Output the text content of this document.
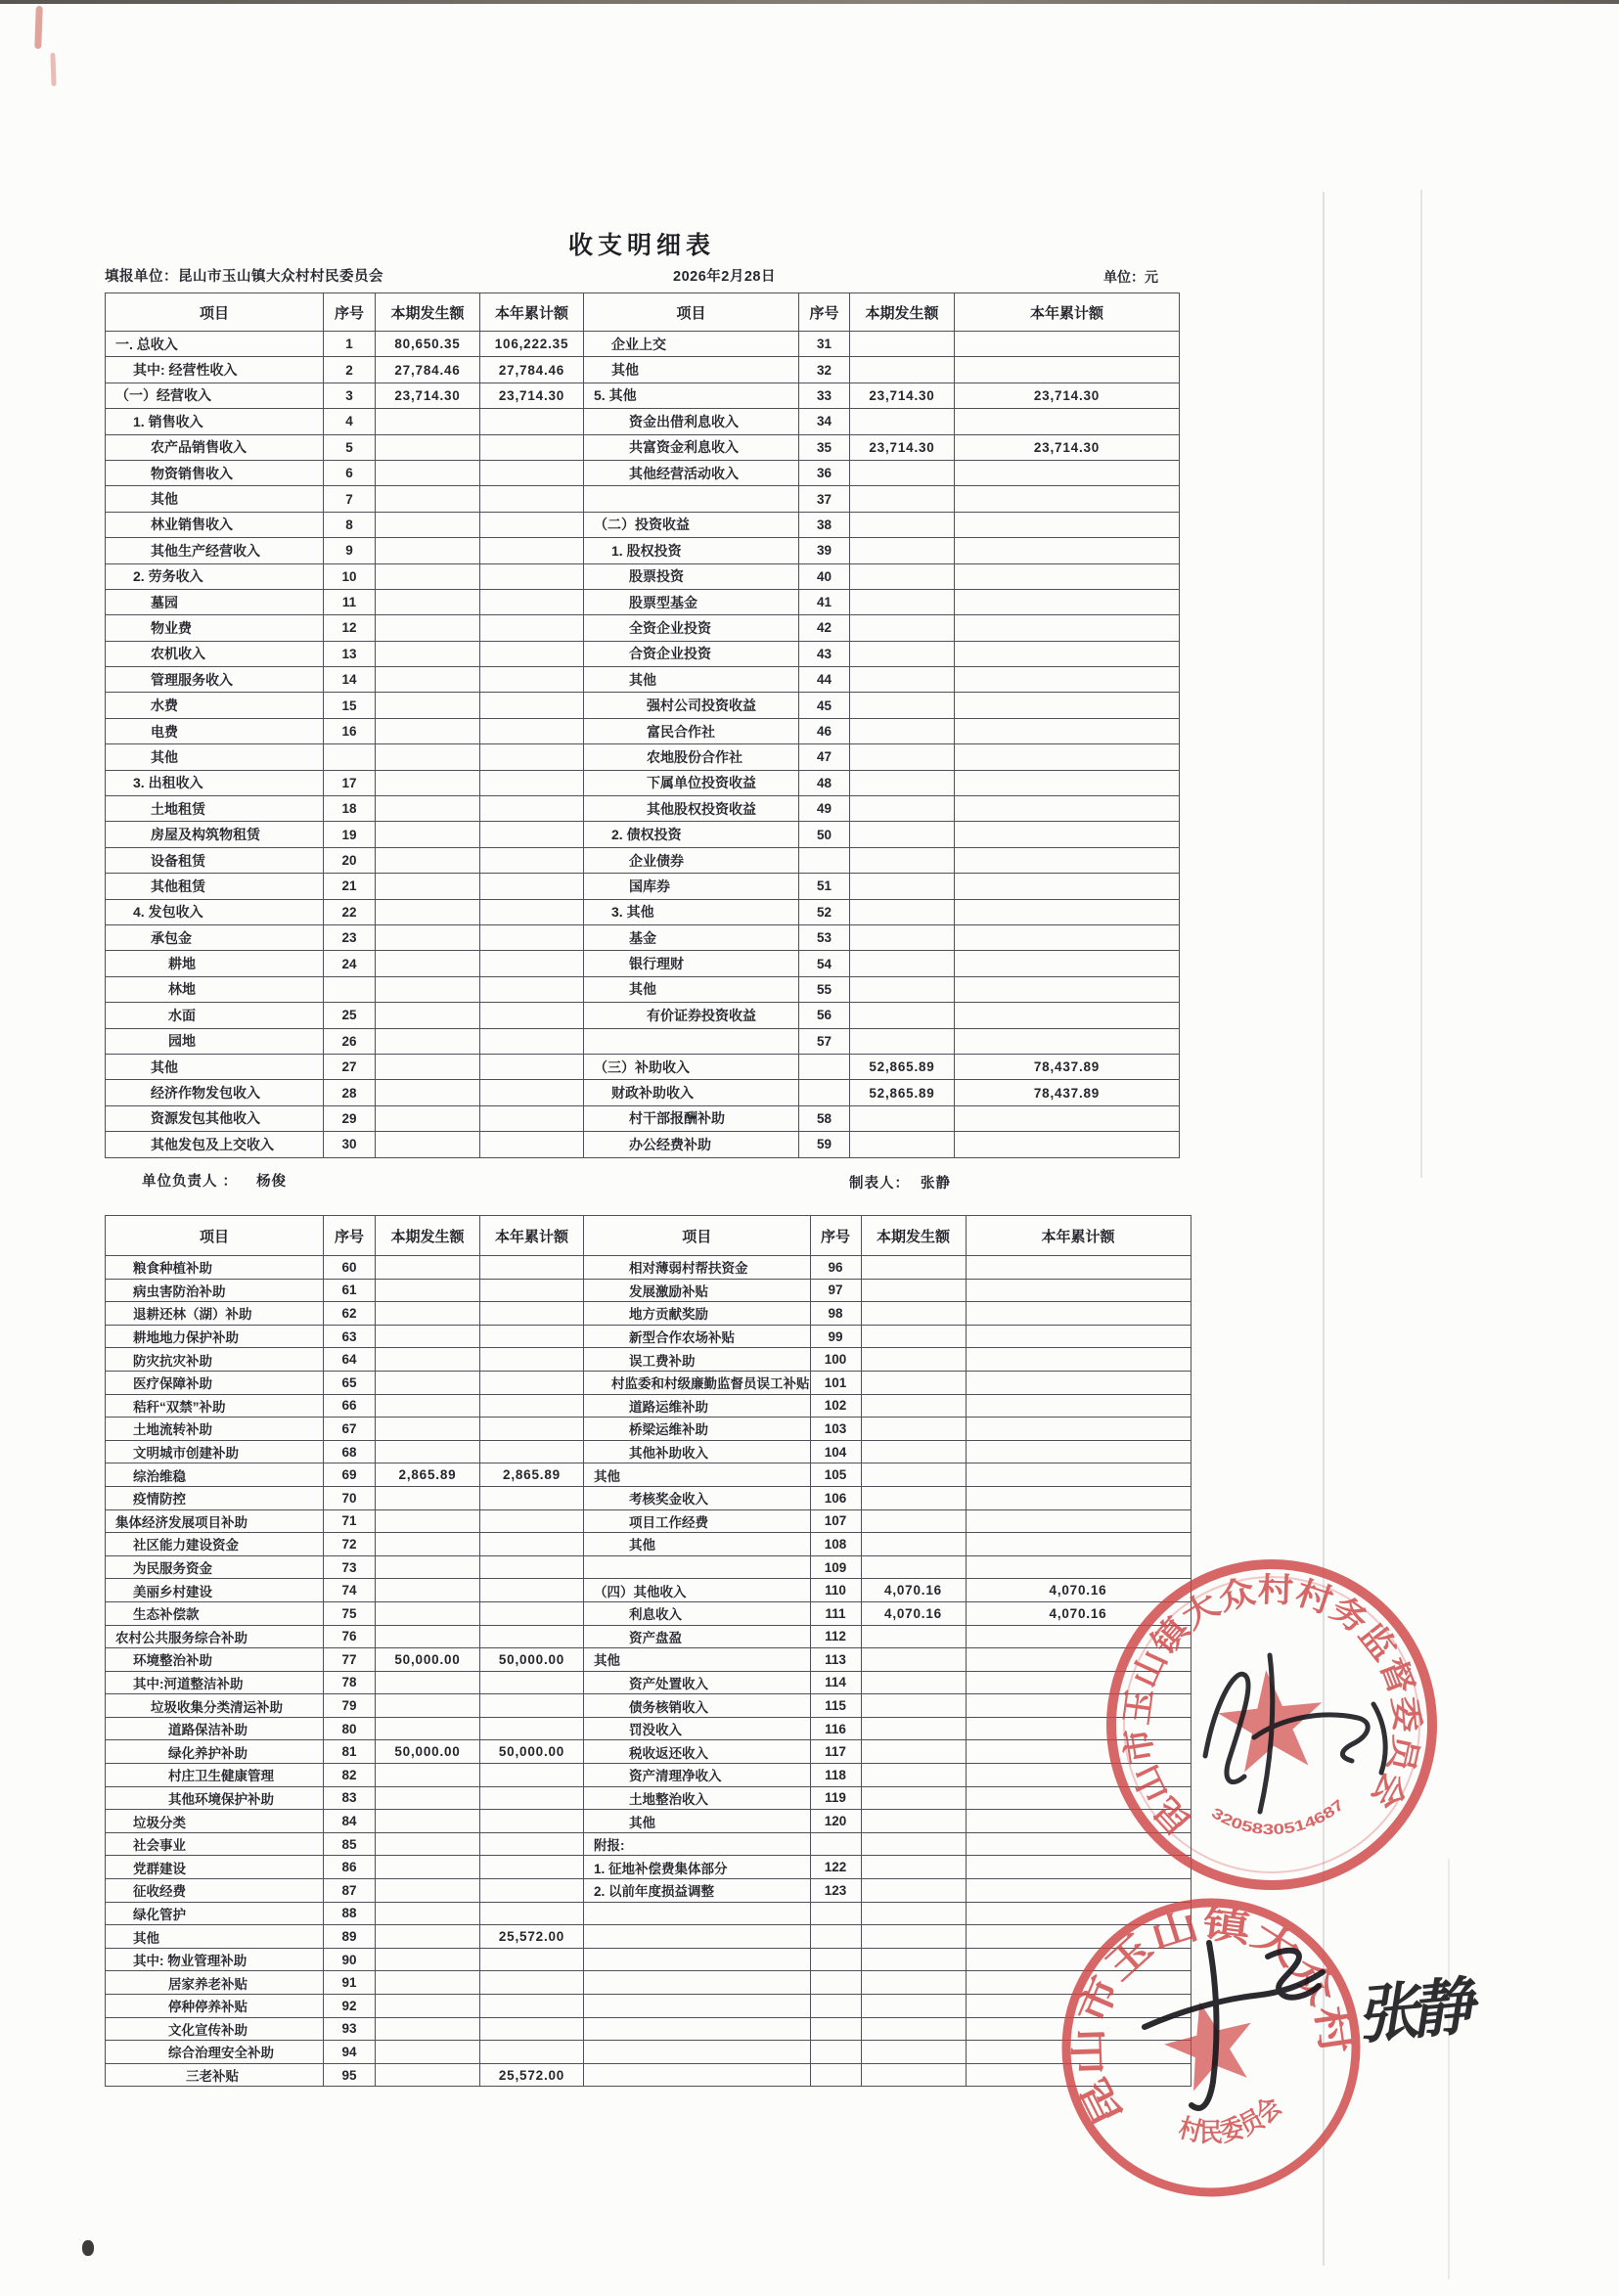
收支明细表
填报单位：昆山市玉山镇大众村村民委员会	2026年2月28日	单位：元
项目	序号	本期发生额	本年累计额	项目	序号	本期发生额	本年累计额
一. 总收入	1	80,650.35	106,222.35	企业上交	31		
其中: 经营性收入	2	27,784.46	27,784.46	其他	32		
（一）经营收入	3	23,714.30	23,714.30	5. 其他	33	23,714.30	23,714.30
1. 销售收入	4			资金出借利息收入	34		
农产品销售收入	5			共富资金利息收入	35	23,714.30	23,714.30
物资销售收入	6			其他经营活动收入	36		
其他	7				37		
林业销售收入	8			（二）投资收益	38		
其他生产经营收入	9			1. 股权投资	39		
2. 劳务收入	10			股票投资	40		
墓园	11			股票型基金	41		
物业费	12			全资企业投资	42		
农机收入	13			合资企业投资	43		
管理服务收入	14			其他	44		
水费	15			强村公司投资收益	45		
电费	16			富民合作社	46		
其他				农地股份合作社	47		
3. 出租收入	17			下属单位投资收益	48		
土地租赁	18			其他股权投资收益	49		
房屋及构筑物租赁	19			2. 债权投资	50		
设备租赁	20			企业债券			
其他租赁	21			国库券	51		
4. 发包收入	22			3. 其他	52		
承包金	23			基金	53		
耕地	24			银行理财	54		
林地				其他	55		
水面	25			有价证券投资收益	56		
园地	26				57		
其他	27			（三）补助收入		52,865.89	78,437.89
经济作物发包收入	28			财政补助收入		52,865.89	78,437.89
资源发包其他收入	29			村干部报酬补助	58		
其他发包及上交收入	30			办公经费补助	59		
单位负责人 ： 杨俊	制表人： 张静
项目	序号	本期发生额	本年累计额	项目	序号	本期发生额	本年累计额
粮食种植补助	60			相对薄弱村帮扶资金	96		
病虫害防治补助	61			发展激励补贴	97		
退耕还林（湖）补助	62			地方贡献奖励	98		
耕地地力保护补助	63			新型合作农场补贴	99		
防灾抗灾补助	64			误工费补助	100		
医疗保障补助	65			村监委和村级廉勤监督员误工补贴	101		
秸秆“双禁”补助	66			道路运维补助	102		
土地流转补助	67			桥梁运维补助	103		
文明城市创建补助	68			其他补助收入	104		
综治维稳	69	2,865.89	2,865.89	其他	105		
疫情防控	70			考核奖金收入	106		
集体经济发展项目补助	71			项目工作经费	107		
社区能力建设资金	72			其他	108		
为民服务资金	73				109		
美丽乡村建设	74			（四）其他收入	110	4,070.16	4,070.16
生态补偿款	75			利息收入	111	4,070.16	4,070.16
农村公共服务综合补助	76			资产盘盈	112		
环境整治补助	77	50,000.00	50,000.00	其他	113		
其中:河道整洁补助	78			资产处置收入	114		
垃圾收集分类清运补助	79			债务核销收入	115		
道路保洁补助	80			罚没收入	116		
绿化养护补助	81	50,000.00	50,000.00	税收返还收入	117		
村庄卫生健康管理	82			资产清理净收入	118		
其他环境保护补助	83			土地整治收入	119		
垃圾分类	84			其他	120		
社会事业	85			附报:			
党群建设	86			1. 征地补偿费集体部分	122		
征收经费	87			2. 以前年度损益调整	123		
绿化管护	88						
其他	89		25,572.00				
其中: 物业管理补助	90						
居家养老补贴	91						
停种停养补贴	92						
文化宣传补助	93						
综合治理安全补助	94						
三老补贴	95		25,572.00				
昆山市玉山镇大众村村务监督委员会
3205830514687
昆山市玉山镇大众村
村民委员会
张静
